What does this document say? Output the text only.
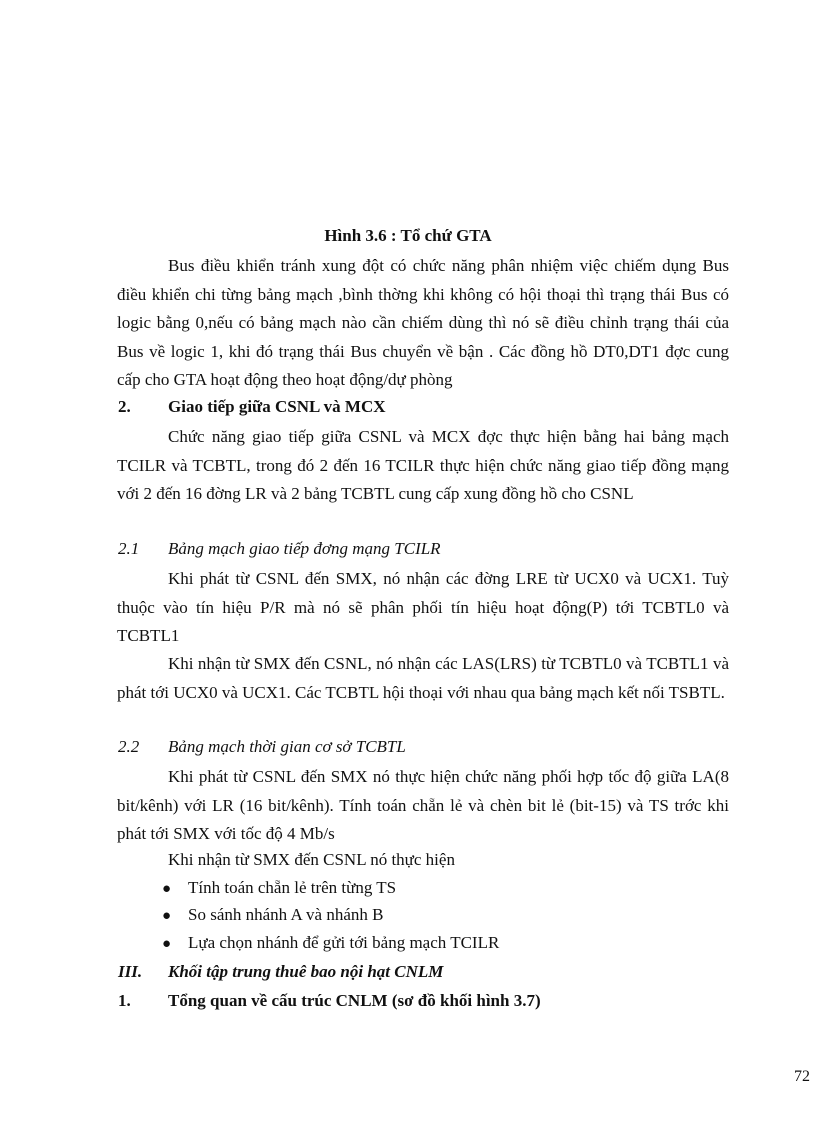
Hình 3.6 : Tổ chứ GTA
Bus điều khiển tránh xung đột có chức năng phân nhiệm việc chiếm dụng Bus điều khiển chi từng bảng mạch ,bình thờng khi không có hội thoại thì trạng thái Bus có logic bằng 0,nếu có bảng mạch nào cần chiếm dùng thì nó sẽ điều chỉnh trạng thái của Bus về logic 1, khi đó trạng thái Bus chuyển về bận . Các đồng hồ DT0,DT1 đợc cung cấp cho GTA hoạt động theo hoạt động/dự phòng
2. Giao tiếp giữa CSNL và MCX
Chức năng giao tiếp giữa CSNL và MCX đợc thực hiện bằng hai bảng mạch TCILR và TCBTL, trong đó 2 đến 16 TCILR thực hiện chức năng giao tiếp đồng mạng với 2 đến 16 đờng LR và 2 bảng TCBTL cung cấp xung đồng hồ cho CSNL
2.1 Bảng mạch giao tiếp đơng mạng TCILR
Khi phát từ CSNL đến SMX, nó nhận các đờng LRE từ UCX0 và UCX1. Tuỳ thuộc vào tín hiệu P/R mà nó sẽ phân phối tín hiệu hoạt động(P) tới TCBTL0 và TCBTL1
Khi nhận từ SMX đến CSNL, nó nhận các LAS(LRS) từ TCBTL0 và TCBTL1 và phát tới UCX0 và UCX1. Các TCBTL hội thoại với nhau qua bảng mạch kết nối TSBTL.
2.2 Bảng mạch thời gian cơ sở TCBTL
Khi phát từ CSNL đến SMX nó thực hiện chức năng phối hợp tốc độ giữa LA(8 bit/kênh) với LR (16 bit/kênh). Tính toán chẵn lẻ và chèn bit lẻ (bit-15) và TS trớc khi phát tới SMX với tốc độ 4 Mb/s
Khi nhận từ SMX đến CSNL nó thực hiện
● Tính toán chẵn lẻ trên từng TS
● So sánh nhánh A và nhánh B
● Lựa chọn nhánh để gửi tới bảng mạch TCILR
III. Khối tập trung thuê bao nội hạt CNLM
1. Tổng quan về cấu trúc CNLM (sơ đồ khối hình 3.7)
72
